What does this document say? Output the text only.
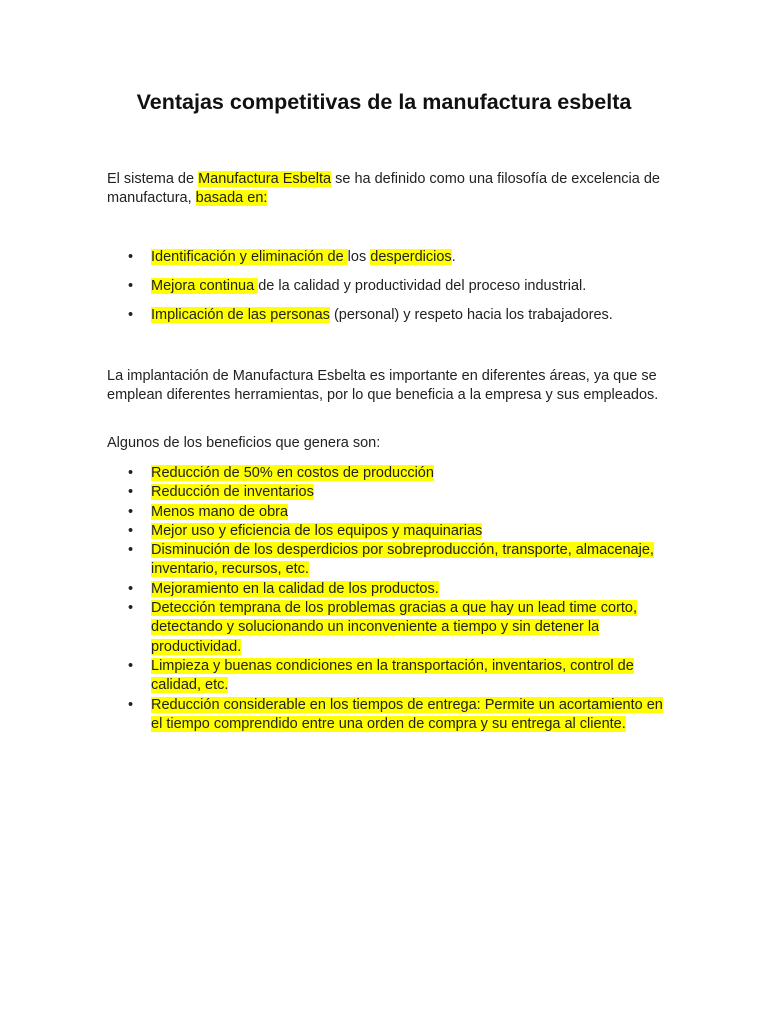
Ventajas competitivas de la manufactura esbelta

El sistema de Manufactura Esbelta se ha definido como una filosofía de excelencia de manufactura, basada en:

• Identificación y eliminación de los desperdicios.
• Mejora continua de la calidad y productividad del proceso industrial.
• Implicación de las personas (personal) y respeto hacia los trabajadores.

La implantación de Manufactura Esbelta es importante en diferentes áreas, ya que se emplean diferentes herramientas, por lo que beneficia a la empresa y sus empleados.

Algunos de los beneficios que genera son:

• Reducción de 50% en costos de producción
• Reducción de inventarios
• Menos mano de obra
• Mejor uso y eficiencia de los equipos y maquinarias
• Disminución de los desperdicios por sobreproducción, transporte, almacenaje, inventario, recursos, etc.
• Mejoramiento en la calidad de los productos.
• Detección temprana de los problemas gracias a que hay un lead time corto, detectando y solucionando un inconveniente a tiempo y sin detener la productividad.
• Limpieza y buenas condiciones en la transportación, inventarios, control de calidad, etc.
• Reducción considerable en los tiempos de entrega: Permite un acortamiento en el tiempo comprendido entre una orden de compra y su entrega al cliente.
